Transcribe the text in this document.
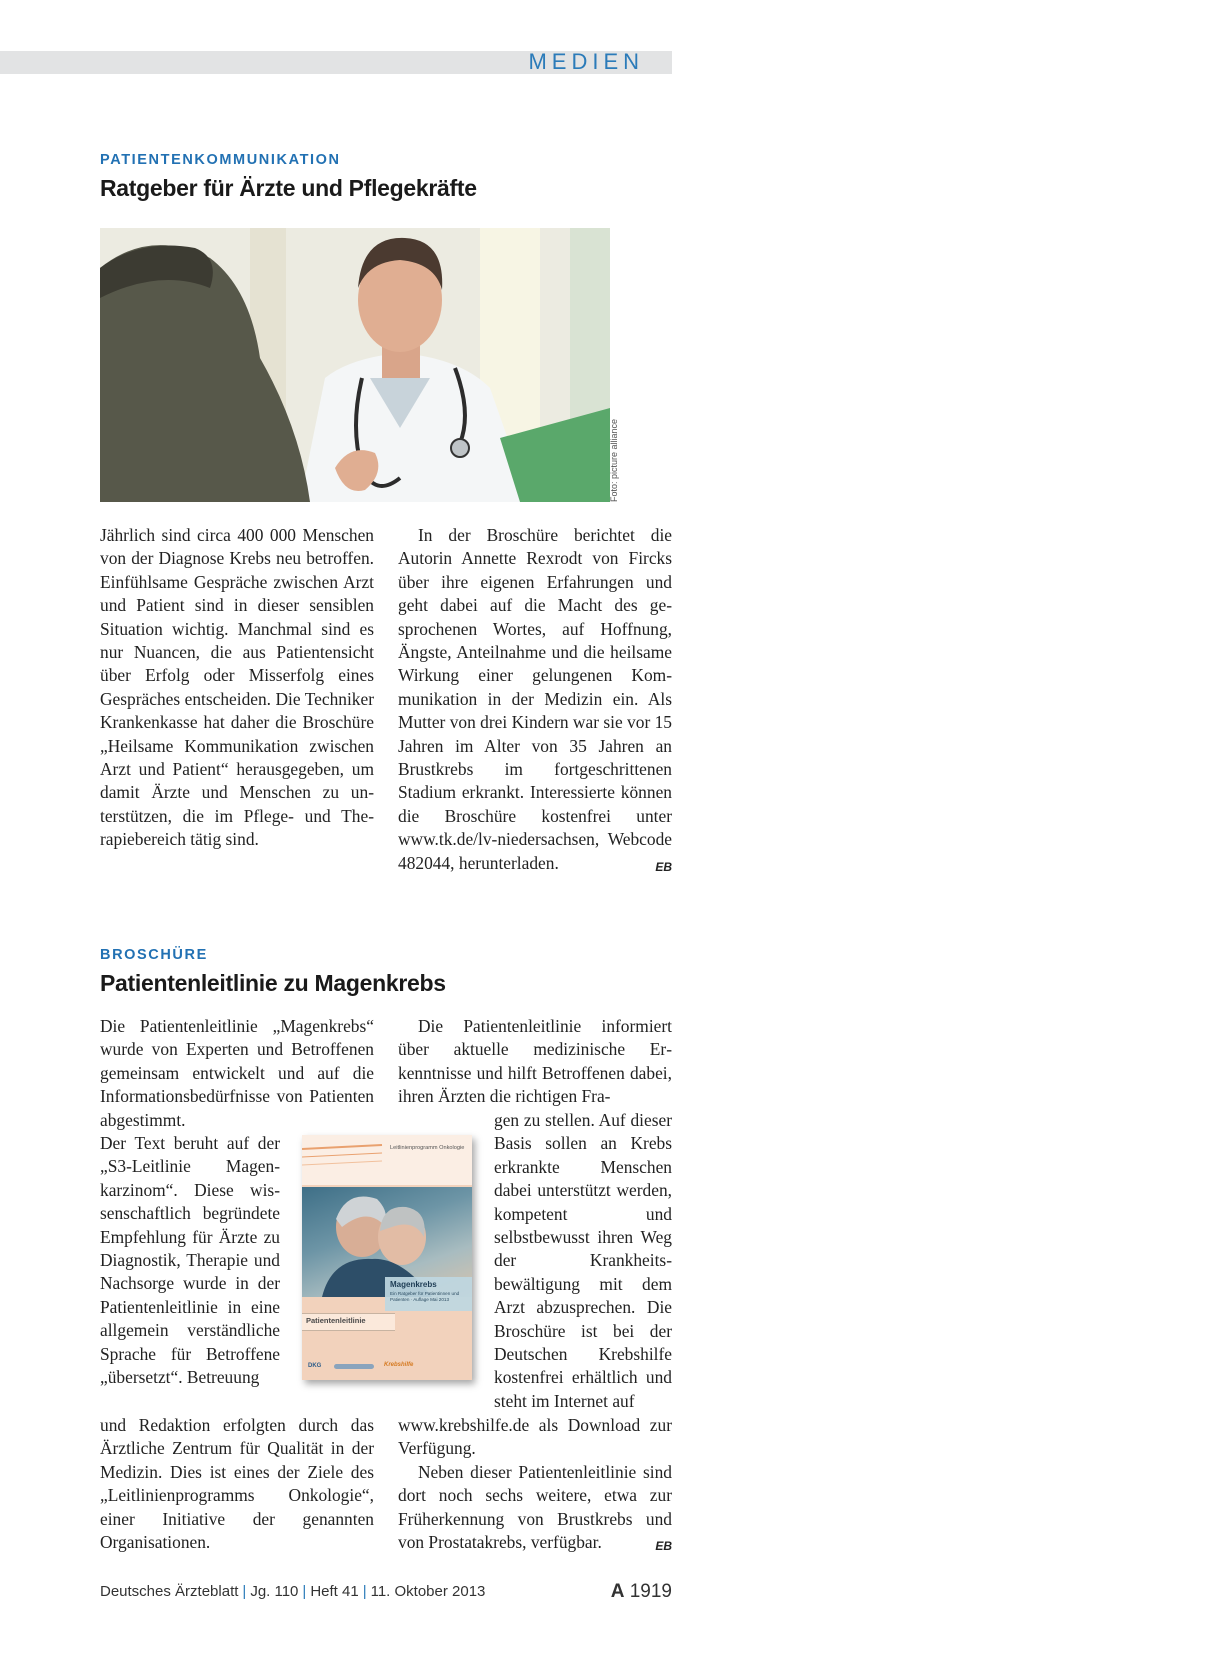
MEDIEN
PATIENTENKOMMUNIKATION
Ratgeber für Ärzte und Pflegekräfte
Foto: picture alliance

Jährlich sind circa 400 000 Menschen von der Diagnose Krebs neu betroffen. Einfühlsame Gespräche zwischen Arzt und Patient sind in dieser sensiblen Situation wichtig. Manchmal sind es nur Nuancen, die aus Patientensicht über Erfolg oder Misserfolg eines Gespräches entscheiden. Die Techniker Krankenkasse hat daher die Broschüre „Heilsame Kommunikation zwischen Arzt und Patient“ herausgegeben, um damit Ärzte und Menschen zu unterstützen, die im Pflege- und Therapiebereich tätig sind.

In der Broschüre berichtet die Autorin Annette Rexrodt von Fircks über ihre eigenen Erfahrungen und geht dabei auf die Macht des gesprochenen Wortes, auf Hoffnung, Ängste, Anteilnahme und die heilsame Wirkung einer gelungenen Kommunikation in der Medizin ein. Als Mutter von drei Kindern war sie vor 15 Jahren im Alter von 35 Jahren an Brustkrebs im fortgeschrittenen Stadium erkrankt. Interessierte können die Broschüre kostenfrei unter www.tk.de/lv-niedersachsen, Webcode 482044, herunterladen.	EB

BROSCHÜRE
Patientenleitlinie zu Magenkrebs

Die Patientenleitlinie „Magenkrebs“ wurde von Experten und Betroffenen gemeinsam entwickelt und auf die Informationsbedürfnisse von Patienten abgestimmt.

Der Text beruht auf der „S3-Leitlinie Magenkarzinom“. Diese wissenschaftlich begründete Empfehlung für Ärzte zu Diagnostik, Therapie und Nachsorge wurde in der Patientenleitlinie in eine allgemein verständliche Sprache für Betroffene „übersetzt“. Betreuung

und Redaktion erfolgten durch das Ärztliche Zentrum für Qualität in der Medizin. Dies ist eines der Ziele des „Leitlinienprogramms Onkologie“, einer Initiative der genannten Organisationen.

Die Patientenleitlinie informiert über aktuelle medizinische Erkenntnisse und hilft Betroffenen dabei, ihren Ärzten die richtigen Fra-

gen zu stellen. Auf dieser Basis sollen an Krebs erkrankte Menschen dabei unterstützt werden, kompetent und selbstbewusst ihren Weg der Krankheitsbewältigung mit dem Arzt abzusprechen. Die Broschüre ist bei der Deutschen Krebshilfe kostenfrei erhältlich und steht im Internet auf

www.krebshilfe.de als Download zur Verfügung.

Neben dieser Patientenleitlinie sind dort noch sechs weitere, etwa zur Früherkennung von Brustkrebs und von Prostatakrebs, verfügbar.	EB

Leitlinienprogramm Onkologie
Magenkrebs
Ein Ratgeber für Patientinnen und Patienten · Auflage Mai 2013
Patientenleitlinie
DKG	Krebshilfe
Deutsches Ärzteblatt | Jg. 110 | Heft 41 | 11. Oktober 2013	A 1919
